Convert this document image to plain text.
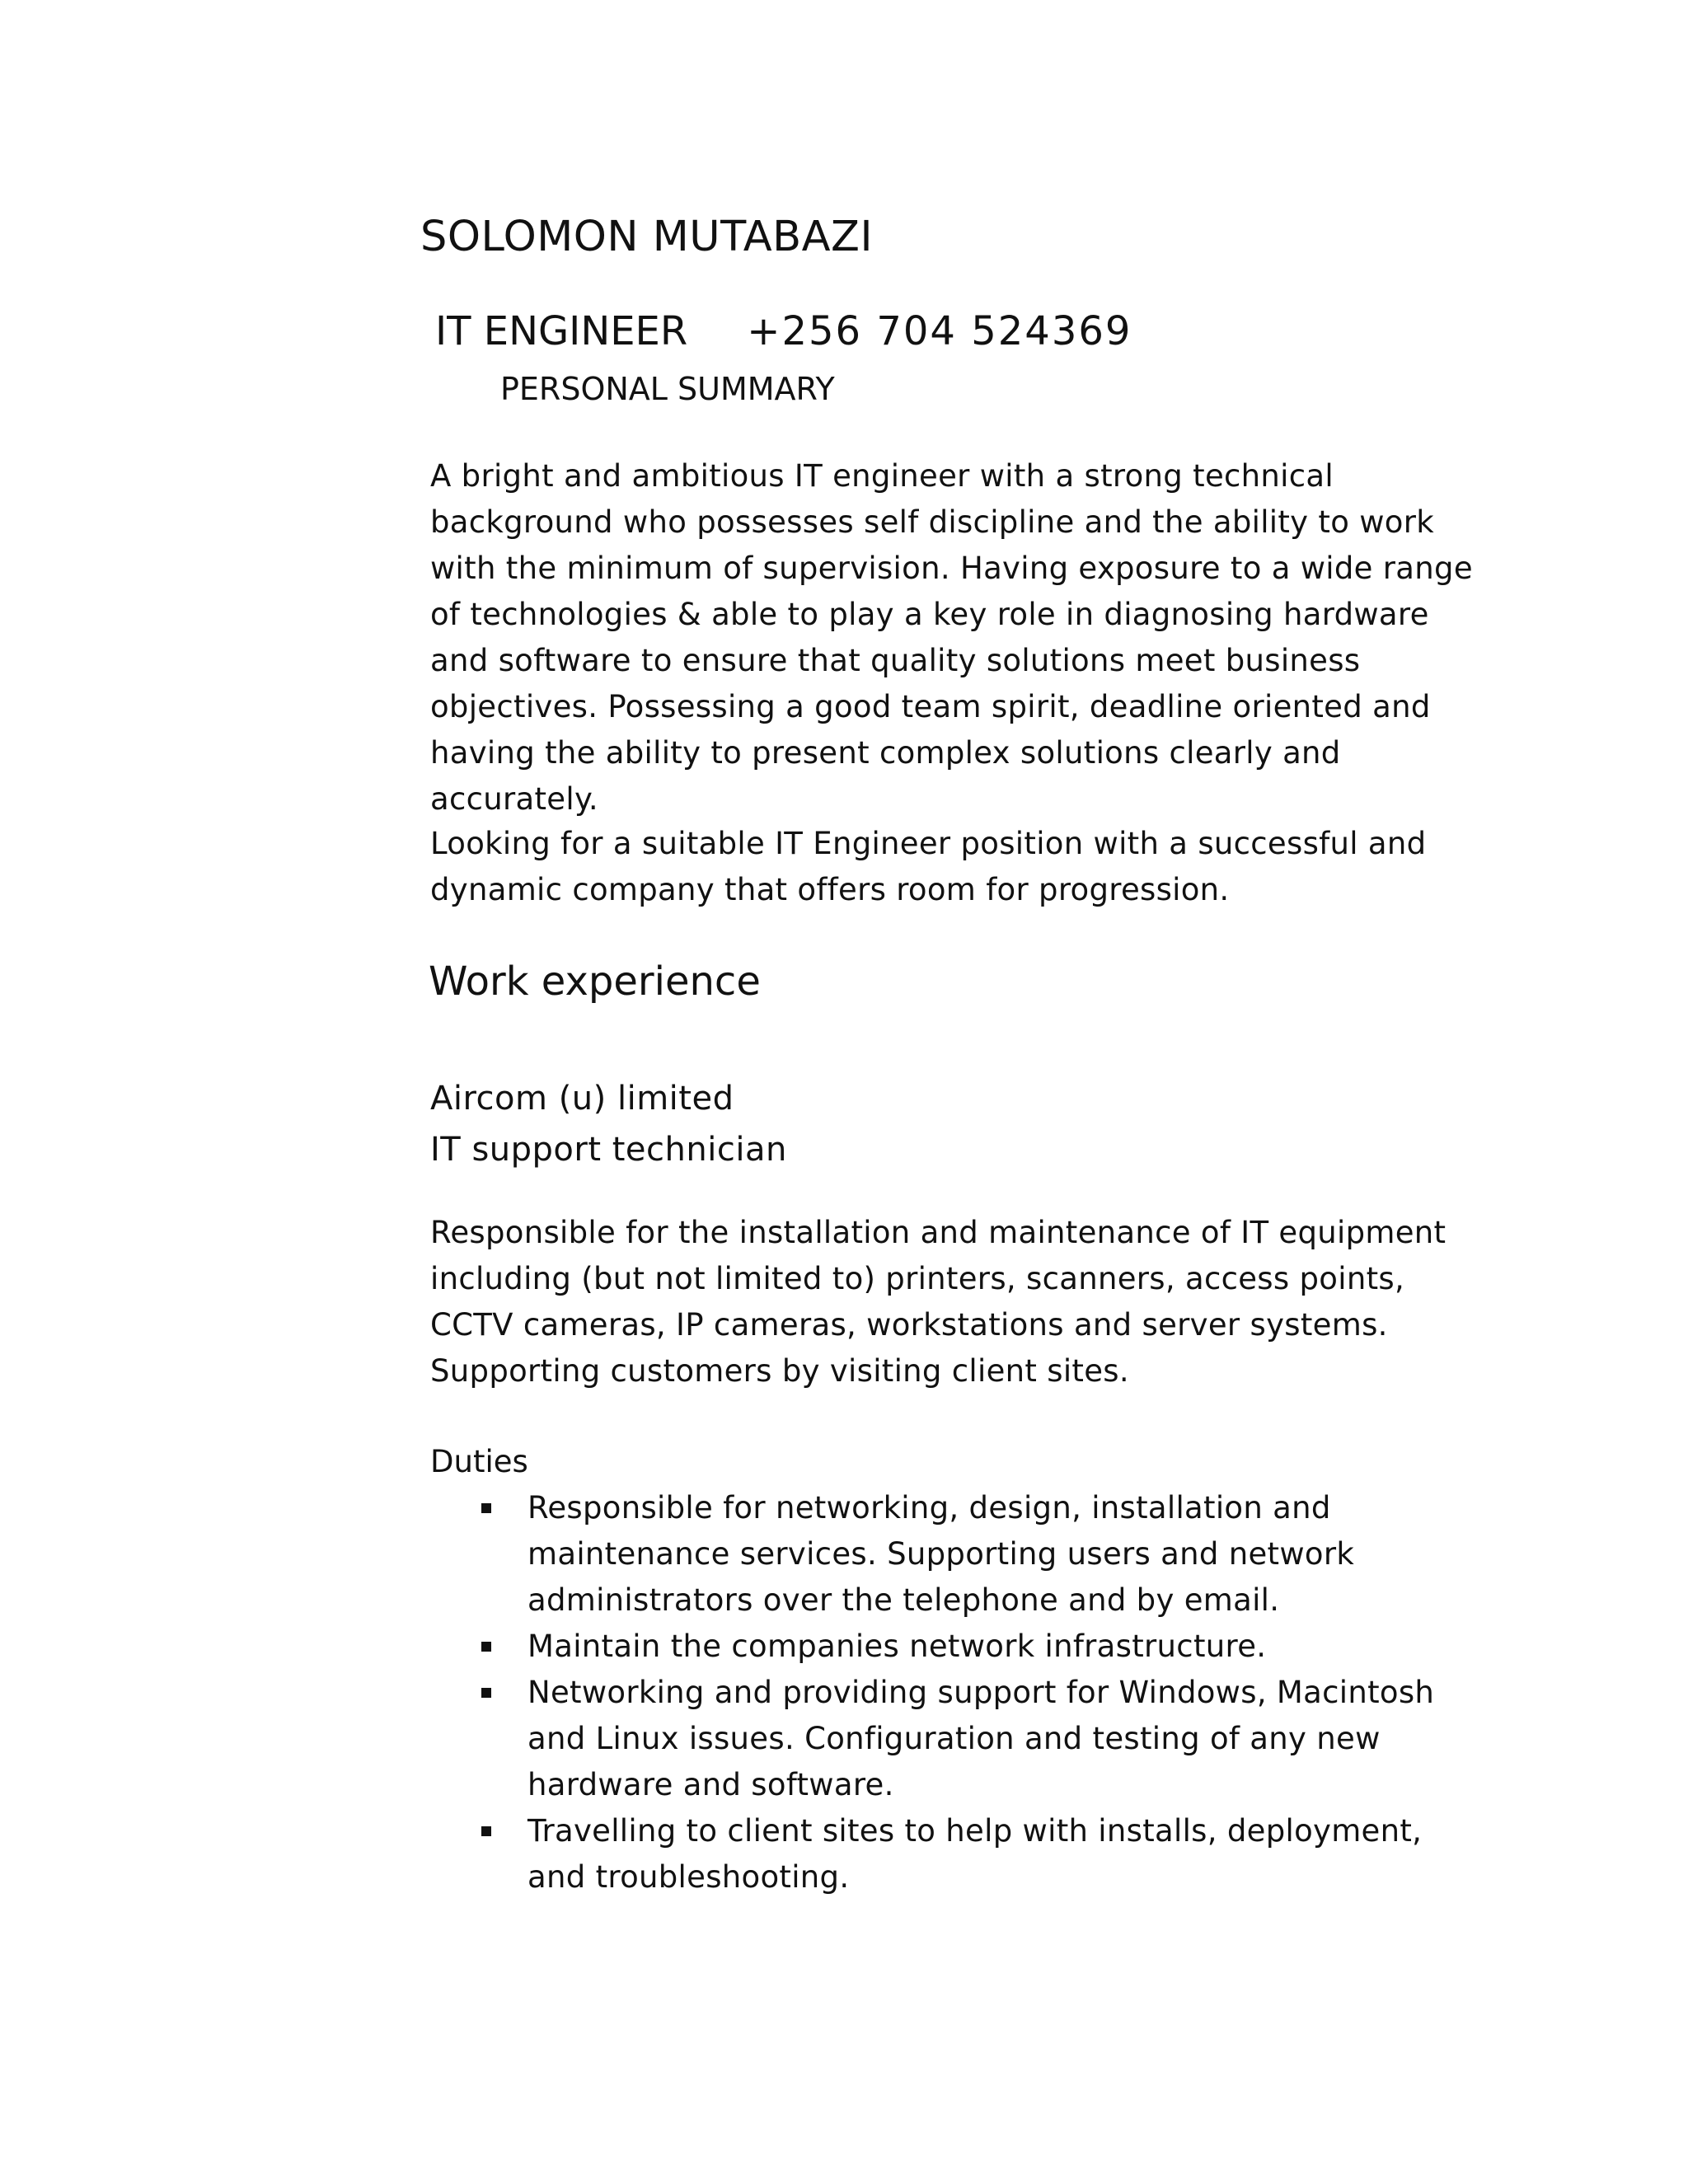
SOLOMON MUTABAZI
IT ENGINEER +256 704 524369
PERSONAL SUMMARY

A bright and ambitious IT engineer with a strong technical background who possesses self discipline and the ability to work with the minimum of supervision. Having exposure to a wide range of technologies & able to play a key role in diagnosing hardware and software to ensure that quality solutions meet business objectives. Possessing a good team spirit, deadline oriented and having the ability to present complex solutions clearly and accurately.

Looking for a suitable IT Engineer position with a successful and dynamic company that offers room for progression.

Work experience
Aircom (u) limited
IT support technician

Responsible for the installation and maintenance of IT equipment including (but not limited to) printers, scanners, access points, CCTV cameras, IP cameras, workstations and server systems. Supporting customers by visiting client sites.

Duties
Responsible for networking, design, installation and maintenance services. Supporting users and network administrators over the telephone and by email.
Maintain the companies network infrastructure.
Networking and providing support for Windows, Macintosh and Linux issues. Configuration and testing of any new hardware and software.
Travelling to client sites to help with installs, deployment, and troubleshooting.
